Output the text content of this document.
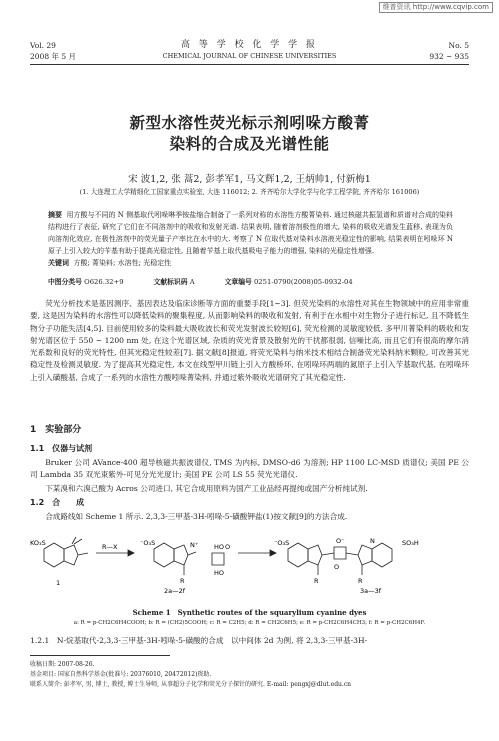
维普资讯 http://www.cqvip.com
Vol. 29
2008 年 5 月
高 等 学 校 化 学 学 报
CHEMICAL JOURNAL OF CHINESE UNIVERSITIES
No. 5
932 ~ 935
新型水溶性荧光标示剂吲哚方酸菁
染料的合成及光谱性能
宋 波1,2, 张 蒿2, 彭孝军1, 马文辉1,2, 王炳帅1, 付新梅1
(1. 大连理工大学精细化工国家重点实验室, 大连 116012; 2. 齐齐哈尔大学化学与化学工程学院, 齐齐哈尔 161006)
摘要 用方酸与不同的 N 侧基取代吲哚啉季铵盐缩合制备了一系列对称的水溶性方酸菁染料. 通过核磁共振氢谱和质谱对合成的染料结构进行了表征, 研究了它们在不同溶剂中的吸收和发射光谱. 结果表明, 随着溶剂极性的增大, 染料的吸收光谱发生蓝移, 表现为负向溶剂化效应, 在极性溶剂中的荧光量子产率比在水中的大. 考察了 N 位取代基对染料水溶液光稳定性的影响, 结果表明在吲哚环 N 原子上引入较大的苄基有助于提高光稳定性, 且随着苄基上取代基吸电子能力的增强, 染料的光稳定性增强.
关键词 方酸; 菁染料; 水溶性; 光稳定性
中图分类号 O626.32+9	文献标识码 A	文章编号 0251-0790(2008)05-0932-04
荧光分析技术是基因测序、基因表达及临床诊断等方面的重要手段[1~3]. 但荧光染料的水溶性对其在生物领域中的应用非常重要, 这是因为染料的水溶性可以降低染料的聚集程度, 从而影响染料的吸收和发射, 有利于在水相中对生物分子进行标记, 且不降低生物分子功能失活[4,5]. 目前使用较多的染料最大吸收波长和荧光发射波长较短[6], 荧光检测的灵敏度较低. 多甲川菁染料的吸收和发射光谱区位于 550 ~ 1200 nm 处, 在这个光谱区域, 杂质的荧光背景及散射光的干扰都很弱, 信噪比高, 而且它们有很高的摩尔消光系数和良好的荧光特性, 但其光稳定性较差[7]. 据文献[8]报道, 将荧光染料与纳米技术相结合制备荧光染料纳米颗粒, 可改善其光稳定性及检测灵敏度. 为了提高其光稳定性, 本文在线型甲川链上引入方酸桥环, 在吲哚环两端的氮原子上引入苄基取代基, 在吲哚环上引入磺酸基, 合成了一系列的水溶性方酸吲哚菁染料, 并通过紫外吸收光谱研究了其光稳定性.
1　实验部分
1.1　仪器与试剂
Bruker 公司 AVance-400 超导核磁共振波谱仪, TMS 为内标, DMSO-d6 为溶剂; HP 1100 LC-MSD 质谱仪; 美国 PE 公司 Lambda 35 双光束紫外-可见分光光度计; 美国 PE 公司 LS 55 荧光光谱仪.
下某溴和六溴己酸为 Acros 公司进口, 其它合成用原料为国产工业品经再提纯或国产分析纯试剂.
1.2　合　　成
合成路线如 Scheme 1 所示. 2,3,3-三甲基-3H-吲哚-5-磺酸钾盐(1)按文献[9]的方法合成.
KO₃S
1
R—X	⁻O₃S	N⁺
R
2a—2f
HO
HO
O	⁻O₃S	O⁻
O
N	SO₃H
R	R
3a—3f
Scheme 1　Synthetic routes of the squarylium cyanine dyes
a: R = p-CH2C6H4COOH; b: R = (CH2)5COOH; c: R = C2H5; d: R = CH2C6H5; e: R = p-CH2C6H4CH3; f: R = p-CH2C6H4F.
1.2.1　N-烷基取代-2,3,3-三甲基-3H-吲哚-5-磺酸的合成　以中间体 2d 为例, 将 2,3,3-三甲基-3H-
收稿日期: 2007-08-26.
基金项目: 国家自然科学基金(批准号: 20376010, 20472012)资助.
联系人简介: 彭孝军, 男, 博士, 教授, 博士生导师, 从事超分子化学和荧光分子探针的研究. E-mail: pengxj@dlut.edu.cn
